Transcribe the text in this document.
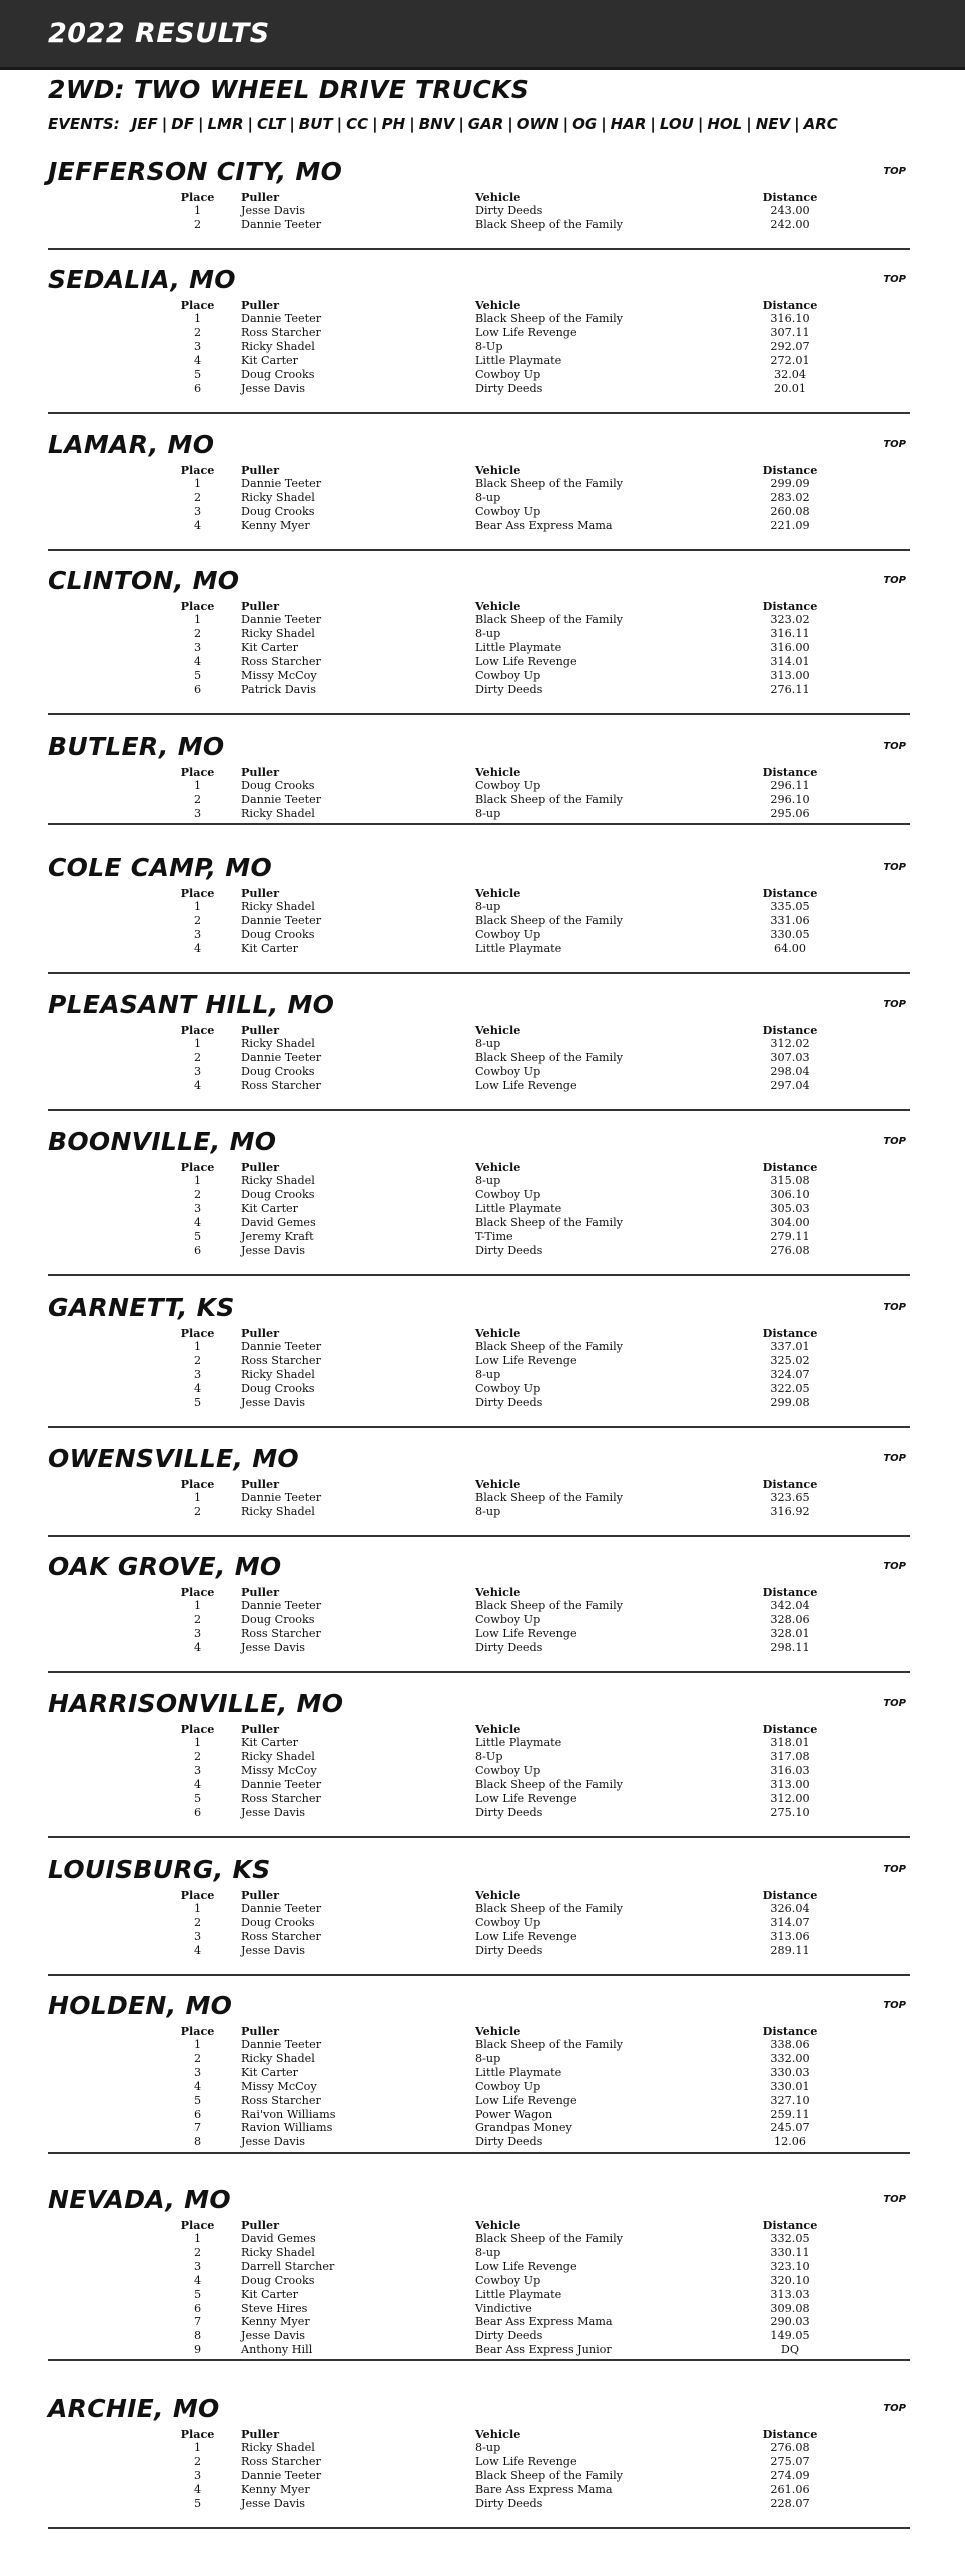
2022 RESULTS
2WD: TWO WHEEL DRIVE TRUCKS
EVENTS: JEF | DF | LMR | CLT | BUT | CC | PH | BNV | GAR | OWN | OG | HAR | LOU | HOL | NEV | ARC
JEFFERSON CITY, MO	TOP
Place	Puller	Vehicle	Distance
1	Jesse Davis	Dirty Deeds	243.00
2	Dannie Teeter	Black Sheep of the Family	242.00
SEDALIA, MO	TOP
Place	Puller	Vehicle	Distance
1	Dannie Teeter	Black Sheep of the Family	316.10
2	Ross Starcher	Low Life Revenge	307.11
3	Ricky Shadel	8-Up	292.07
4	Kit Carter	Little Playmate	272.01
5	Doug Crooks	Cowboy Up	32.04
6	Jesse Davis	Dirty Deeds	20.01
LAMAR, MO	TOP
Place	Puller	Vehicle	Distance
1	Dannie Teeter	Black Sheep of the Family	299.09
2	Ricky Shadel	8-up	283.02
3	Doug Crooks	Cowboy Up	260.08
4	Kenny Myer	Bear Ass Express Mama	221.09
CLINTON, MO	TOP
Place	Puller	Vehicle	Distance
1	Dannie Teeter	Black Sheep of the Family	323.02
2	Ricky Shadel	8-up	316.11
3	Kit Carter	Little Playmate	316.00
4	Ross Starcher	Low Life Revenge	314.01
5	Missy McCoy	Cowboy Up	313.00
6	Patrick Davis	Dirty Deeds	276.11
BUTLER, MO	TOP
Place	Puller	Vehicle	Distance
1	Doug Crooks	Cowboy Up	296.11
2	Dannie Teeter	Black Sheep of the Family	296.10
3	Ricky Shadel	8-up	295.06
COLE CAMP, MO	TOP
Place	Puller	Vehicle	Distance
1	Ricky Shadel	8-up	335.05
2	Dannie Teeter	Black Sheep of the Family	331.06
3	Doug Crooks	Cowboy Up	330.05
4	Kit Carter	Little Playmate	64.00
PLEASANT HILL, MO	TOP
Place	Puller	Vehicle	Distance
1	Ricky Shadel	8-up	312.02
2	Dannie Teeter	Black Sheep of the Family	307.03
3	Doug Crooks	Cowboy Up	298.04
4	Ross Starcher	Low Life Revenge	297.04
BOONVILLE, MO	TOP
Place	Puller	Vehicle	Distance
1	Ricky Shadel	8-up	315.08
2	Doug Crooks	Cowboy Up	306.10
3	Kit Carter	Little Playmate	305.03
4	David Gemes	Black Sheep of the Family	304.00
5	Jeremy Kraft	T-Time	279.11
6	Jesse Davis	Dirty Deeds	276.08
GARNETT, KS	TOP
Place	Puller	Vehicle	Distance
1	Dannie Teeter	Black Sheep of the Family	337.01
2	Ross Starcher	Low Life Revenge	325.02
3	Ricky Shadel	8-up	324.07
4	Doug Crooks	Cowboy Up	322.05
5	Jesse Davis	Dirty Deeds	299.08
OWENSVILLE, MO	TOP
Place	Puller	Vehicle	Distance
1	Dannie Teeter	Black Sheep of the Family	323.65
2	Ricky Shadel	8-up	316.92
OAK GROVE, MO	TOP
Place	Puller	Vehicle	Distance
1	Dannie Teeter	Black Sheep of the Family	342.04
2	Doug Crooks	Cowboy Up	328.06
3	Ross Starcher	Low Life Revenge	328.01
4	Jesse Davis	Dirty Deeds	298.11
HARRISONVILLE, MO	TOP
Place	Puller	Vehicle	Distance
1	Kit Carter	Little Playmate	318.01
2	Ricky Shadel	8-Up	317.08
3	Missy McCoy	Cowboy Up	316.03
4	Dannie Teeter	Black Sheep of the Family	313.00
5	Ross Starcher	Low Life Revenge	312.00
6	Jesse Davis	Dirty Deeds	275.10
LOUISBURG, KS	TOP
Place	Puller	Vehicle	Distance
1	Dannie Teeter	Black Sheep of the Family	326.04
2	Doug Crooks	Cowboy Up	314.07
3	Ross Starcher	Low Life Revenge	313.06
4	Jesse Davis	Dirty Deeds	289.11
HOLDEN, MO	TOP
Place	Puller	Vehicle	Distance
1	Dannie Teeter	Black Sheep of the Family	338.06
2	Ricky Shadel	8-up	332.00
3	Kit Carter	Little Playmate	330.03
4	Missy McCoy	Cowboy Up	330.01
5	Ross Starcher	Low Life Revenge	327.10
6	Rai'von Williams	Power Wagon	259.11
7	Ravion Williams	Grandpas Money	245.07
8	Jesse Davis	Dirty Deeds	12.06
NEVADA, MO	TOP
Place	Puller	Vehicle	Distance
1	David Gemes	Black Sheep of the Family	332.05
2	Ricky Shadel	8-up	330.11
3	Darrell Starcher	Low Life Revenge	323.10
4	Doug Crooks	Cowboy Up	320.10
5	Kit Carter	Little Playmate	313.03
6	Steve Hires	Vindictive	309.08
7	Kenny Myer	Bear Ass Express Mama	290.03
8	Jesse Davis	Dirty Deeds	149.05
9	Anthony Hill	Bear Ass Express Junior	DQ
ARCHIE, MO	TOP
Place	Puller	Vehicle	Distance
1	Ricky Shadel	8-up	276.08
2	Ross Starcher	Low Life Revenge	275.07
3	Dannie Teeter	Black Sheep of the Family	274.09
4	Kenny Myer	Bare Ass Express Mama	261.06
5	Jesse Davis	Dirty Deeds	228.07
